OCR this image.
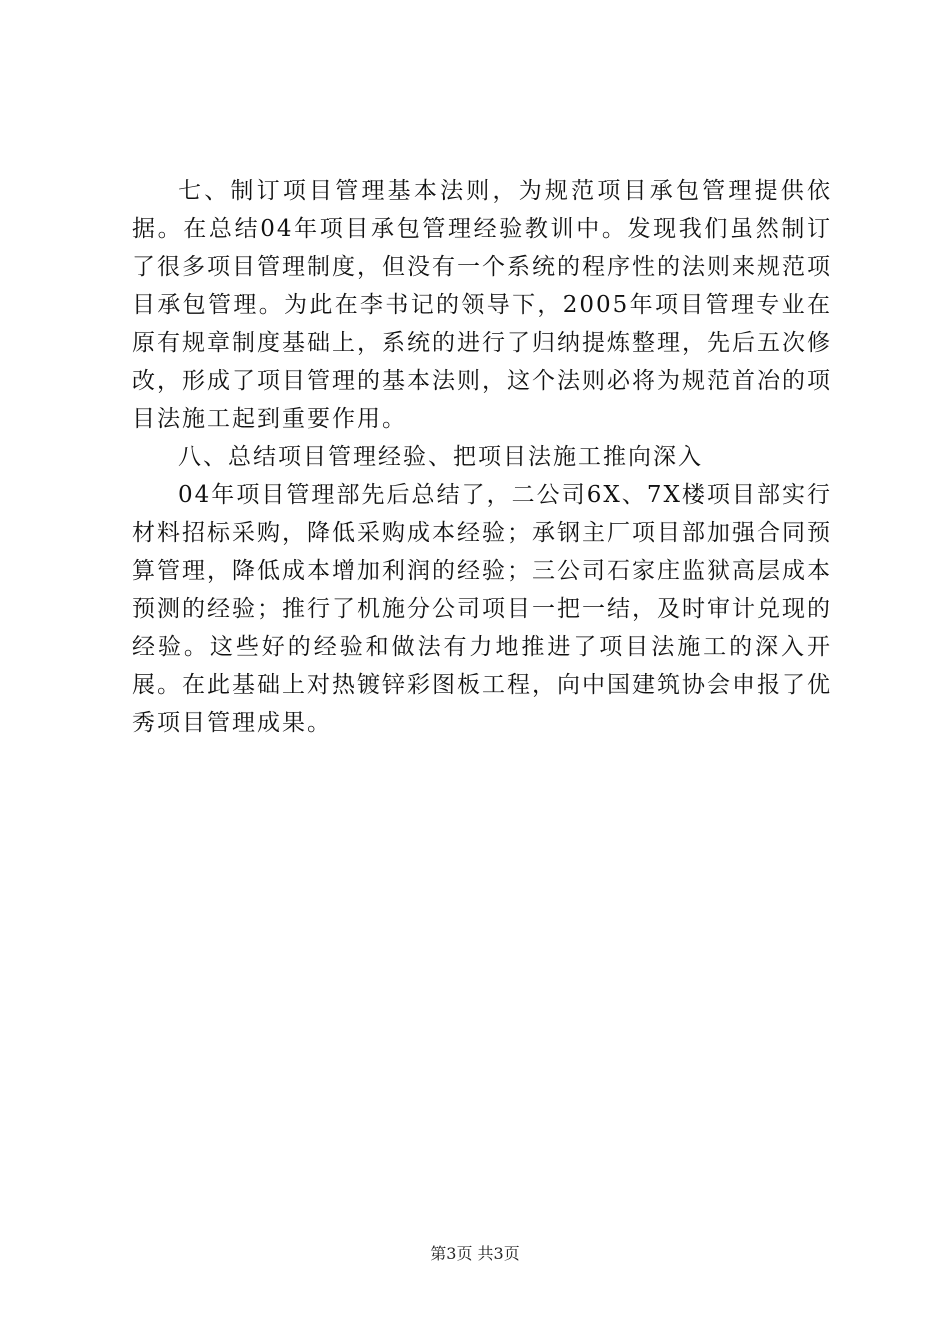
七、制订项目管理基本法则，为规范项目承包管理提供依据。在总结04年项目承包管理经验教训中。发现我们虽然制订了很多项目管理制度，但没有一个系统的程序性的法则来规范项目承包管理。为此在李书记的领导下，2005年项目管理专业在原有规章制度基础上，系统的进行了归纳提炼整理，先后五次修改，形成了项目管理的基本法则，这个法则必将为规范首冶的项目法施工起到重要作用。

八、总结项目管理经验、把项目法施工推向深入

04年项目管理部先后总结了，二公司6X、7X楼项目部实行材料招标采购，降低采购成本经验；承钢主厂项目部加强合同预算管理，降低成本增加利润的经验；三公司石家庄监狱高层成本预测的经验；推行了机施分公司项目一把一结，及时审计兑现的经验。这些好的经验和做法有力地推进了项目法施工的深入开展。在此基础上对热镀锌彩图板工程，向中国建筑协会申报了优秀项目管理成果。

第3页 共3页
